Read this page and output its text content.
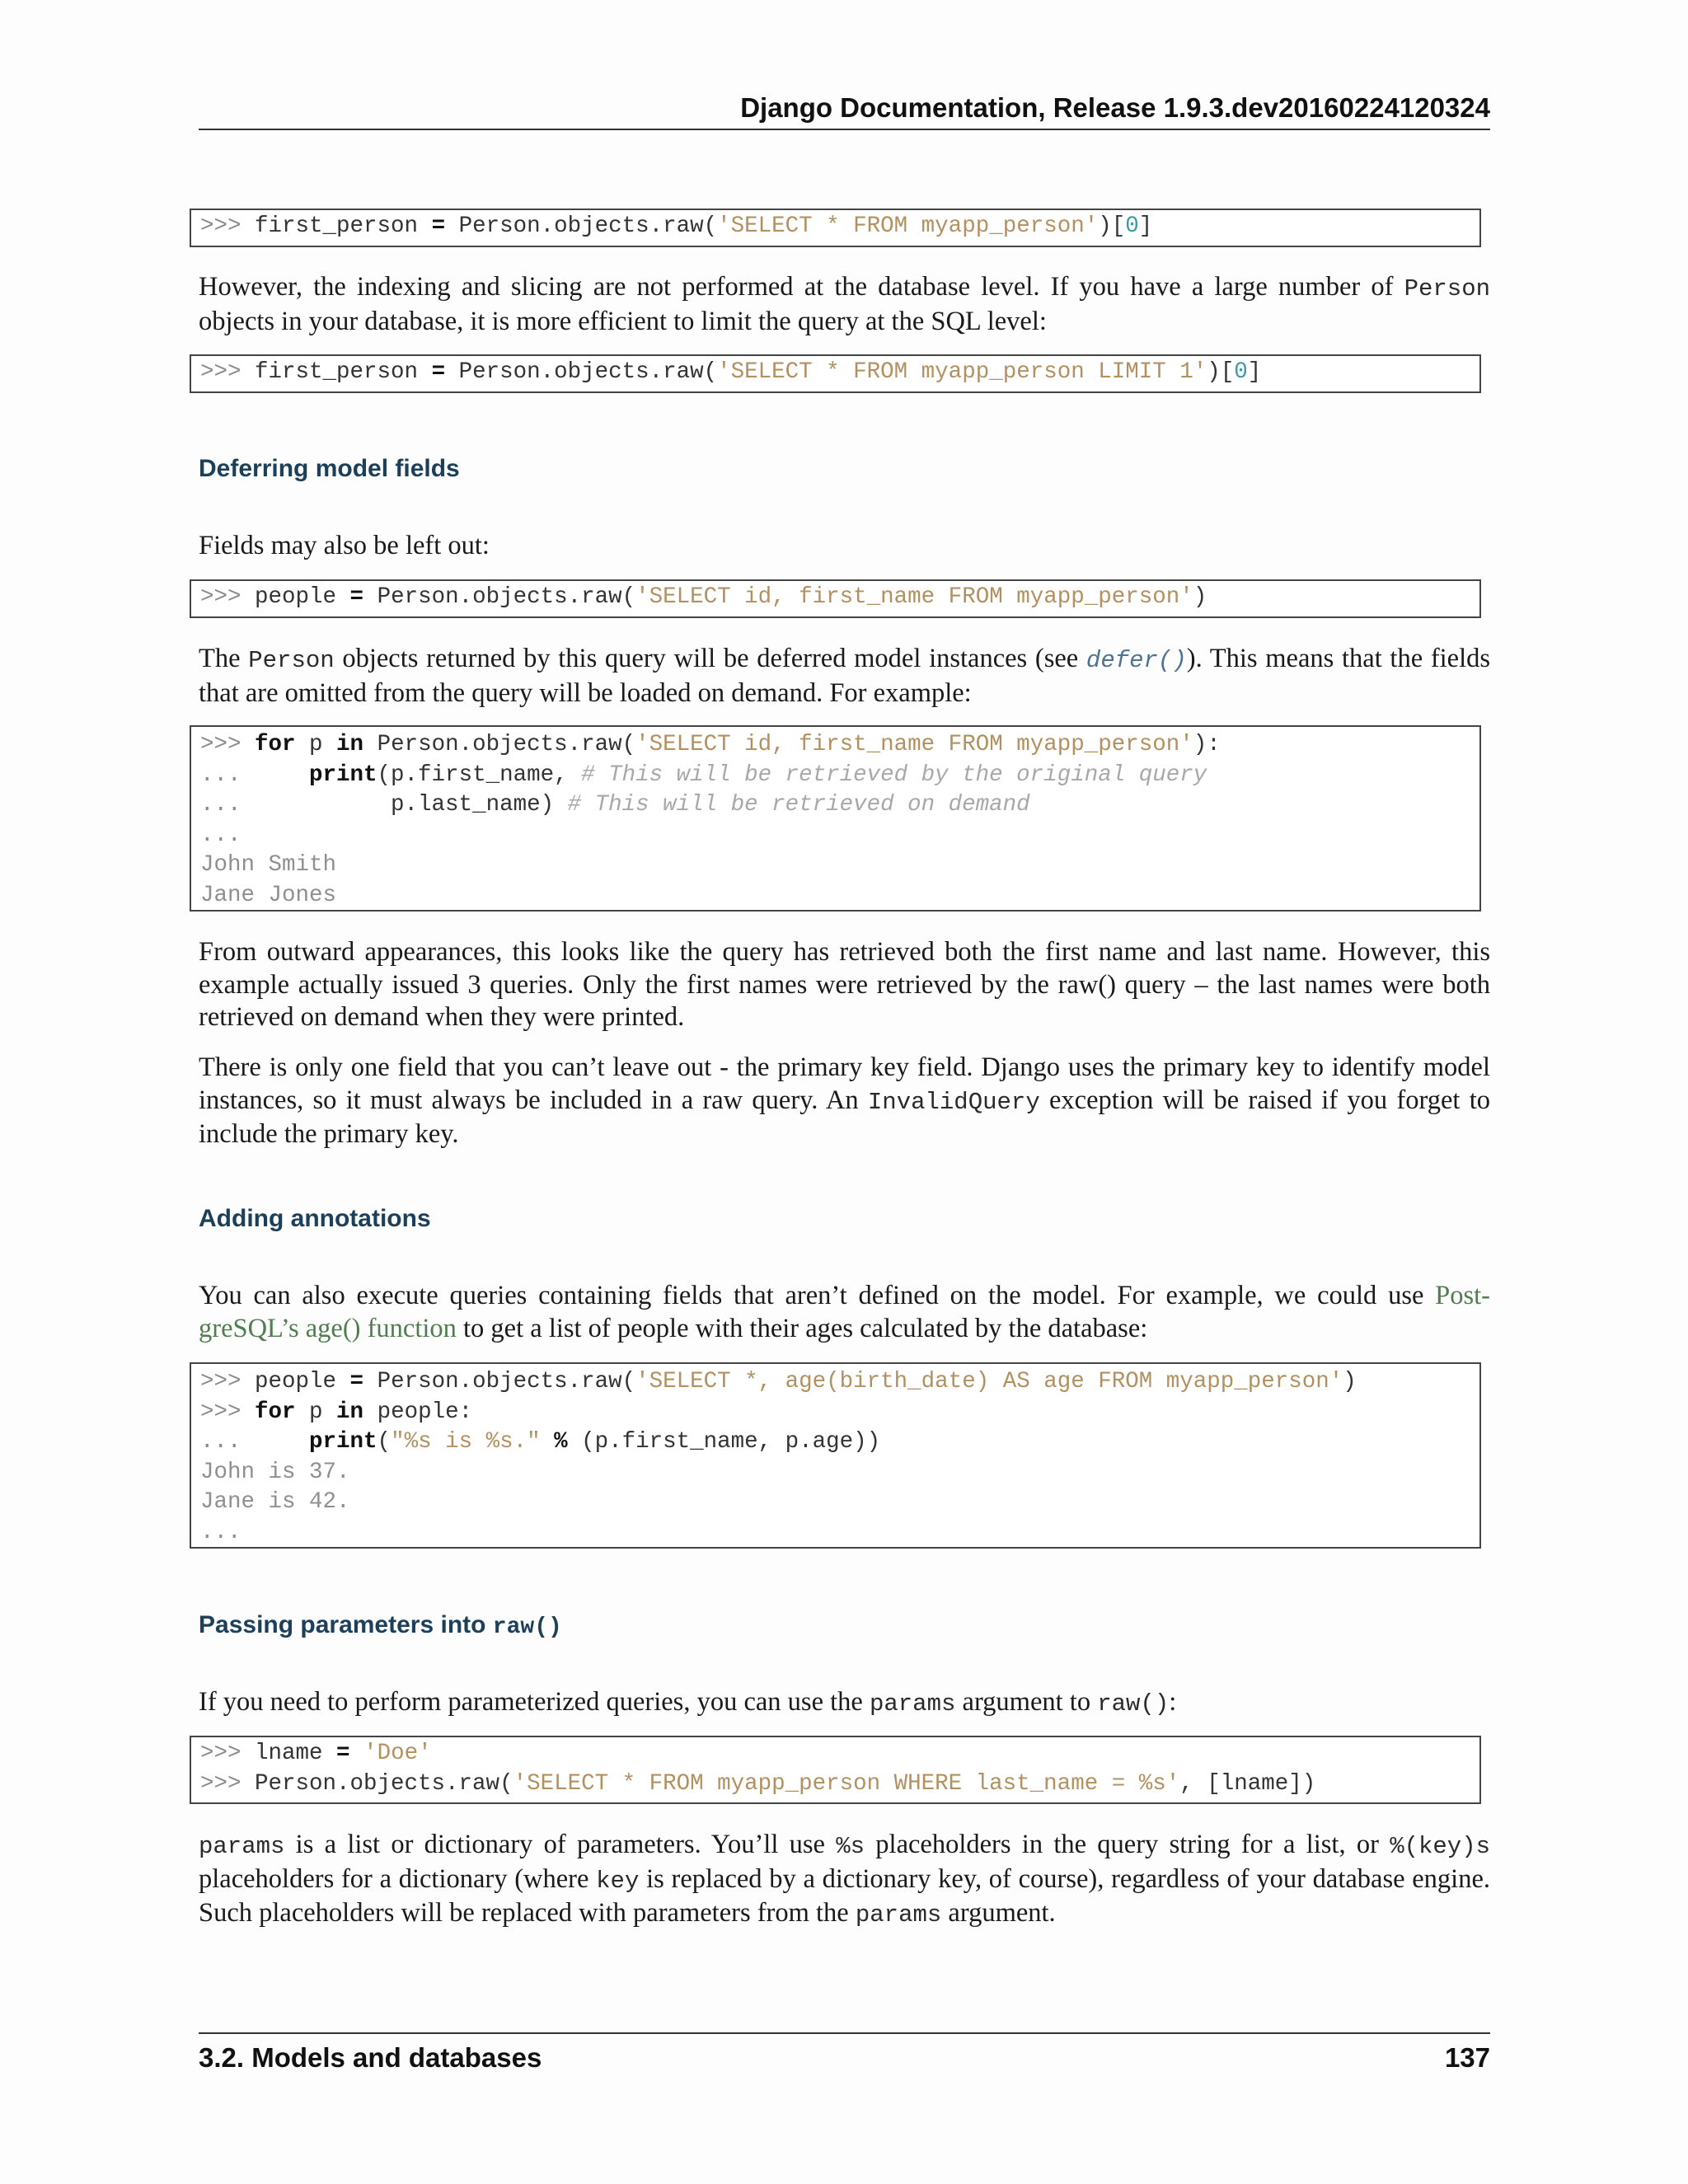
Django Documentation, Release 1.9.3.dev20160224120324
>>> first_person = Person.objects.raw('SELECT * FROM myapp_person')[0]

However, the indexing and slicing are not performed at the database level. If you have a large number of Person objects in your database, it is more efficient to limit the query at the SQL level:

>>> first_person = Person.objects.raw('SELECT * FROM myapp_person LIMIT 1')[0]
Deferring model fields

Fields may also be left out:

>>> people = Person.objects.raw('SELECT id, first_name FROM myapp_person')

The Person objects returned by this query will be deferred model instances (see defer()). This means that the fields that are omitted from the query will be loaded on demand. For example:

>>> for p in Person.objects.raw('SELECT id, first_name FROM myapp_person'):
...     print(p.first_name, # This will be retrieved by the original query
...           p.last_name) # This will be retrieved on demand
...
John Smith
Jane Jones

From outward appearances, this looks like the query has retrieved both the first name and last name. However, this example actually issued 3 queries. Only the first names were retrieved by the raw() query – the last names were both retrieved on demand when they were printed.

There is only one field that you can’t leave out - the primary key field. Django uses the primary key to identify model instances, so it must always be included in a raw query. An InvalidQuery exception will be raised if you forget to include the primary key.

Adding annotations

You can also execute queries containing fields that aren’t defined on the model. For example, we could use Post-greSQL’s age() function to get a list of people with their ages calculated by the database:

>>> people = Person.objects.raw('SELECT *, age(birth_date) AS age FROM myapp_person')
>>> for p in people:
...     print("%s is %s." % (p.first_name, p.age))
John is 37.
Jane is 42.
...
Passing parameters into raw()

If you need to perform parameterized queries, you can use the params argument to raw():

>>> lname = 'Doe'
>>> Person.objects.raw('SELECT * FROM myapp_person WHERE last_name = %s', [lname])

params is a list or dictionary of parameters. You’ll use %s placeholders in the query string for a list, or %(key)s placeholders for a dictionary (where key is replaced by a dictionary key, of course), regardless of your database engine. Such placeholders will be replaced with parameters from the params argument.

3.2. Models and databases	137
